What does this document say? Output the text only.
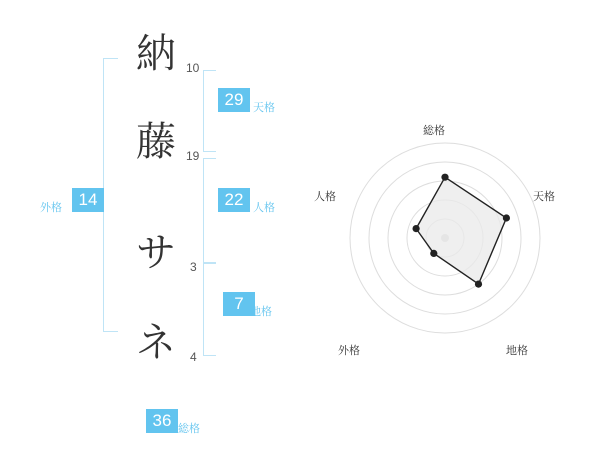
外格 14
納 10
藤 19
サ	3
ネ	4
29 天格
22 人格
7 地格
36 総格
総格
天格
地格
外格
人格
